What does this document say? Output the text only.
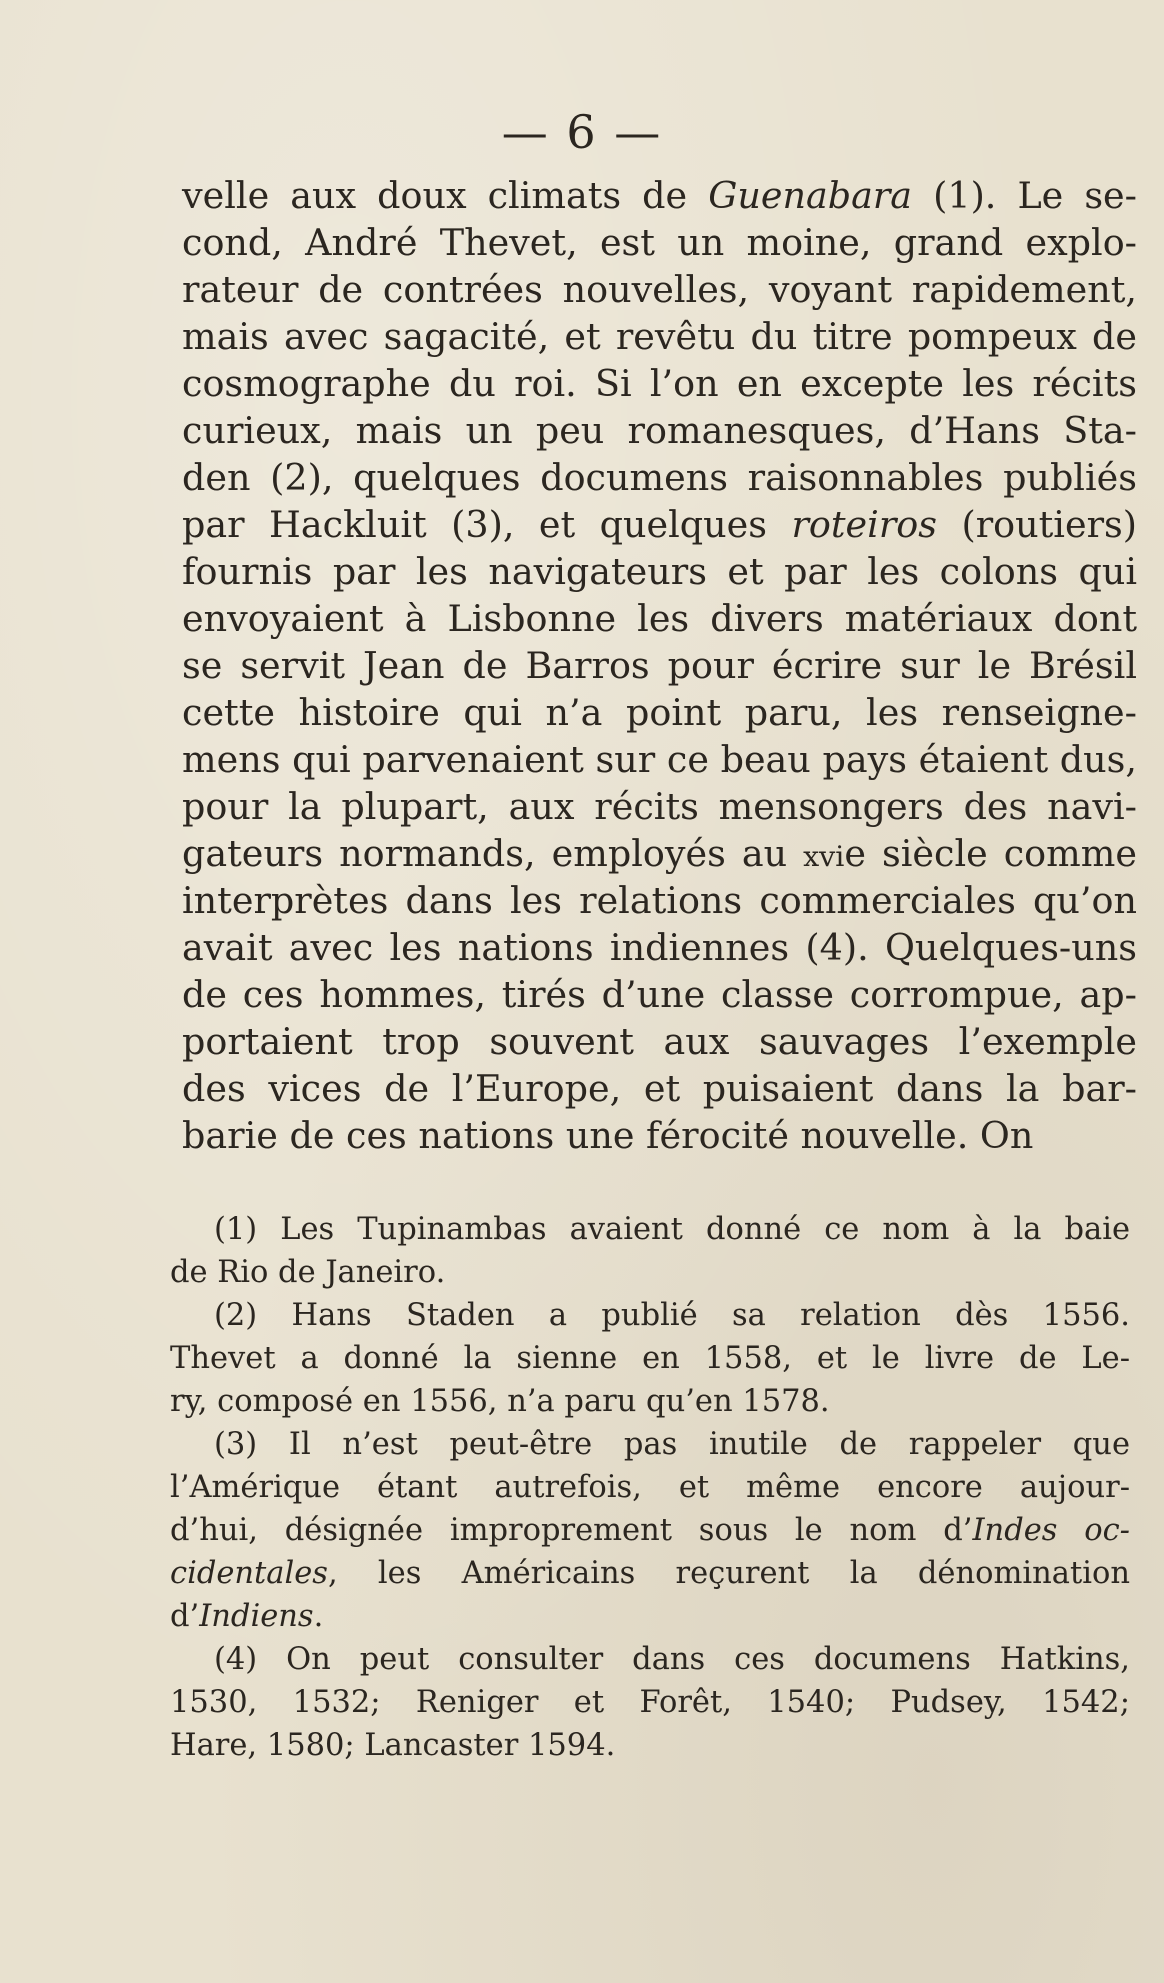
— 6 —
velle aux doux climats de Guenabara (1). Le se-
cond, André Thevet, est un moine, grand explo-
rateur de contrées nouvelles, voyant rapidement,
mais avec sagacité, et revêtu du titre pompeux de
cosmographe du roi. Si l’on en excepte les récits
curieux, mais un peu romanesques, d’Hans Sta-
den (2), quelques documens raisonnables publiés
par Hackluit (3), et quelques roteiros (routiers)
fournis par les navigateurs et par les colons qui
envoyaient à Lisbonne les divers matériaux dont
se servit Jean de Barros pour écrire sur le Brésil
cette histoire qui n’a point paru, les renseigne-
mens qui parvenaient sur ce beau pays étaient dus,
pour la plupart, aux récits mensongers des navi-
gateurs normands, employés au xvie siècle comme
interprètes dans les relations commerciales qu’on
avait avec les nations indiennes (4). Quelques-uns
de ces hommes, tirés d’une classe corrompue, ap-
portaient trop souvent aux sauvages l’exemple
des vices de l’Europe, et puisaient dans la bar-
barie de ces nations une férocité nouvelle. On
(1) Les Tupinambas avaient donné ce nom à la baie
de Rio de Janeiro.
(2) Hans Staden a publié sa relation dès 1556.
Thevet a donné la sienne en 1558, et le livre de Le-
ry, composé en 1556, n’a paru qu’en 1578.
(3) Il n’est peut-être pas inutile de rappeler que
l’Amérique étant autrefois, et même encore aujour-
d’hui, désignée improprement sous le nom d’Indes oc-
cidentales, les Américains reçurent la dénomination
d’Indiens.
(4) On peut consulter dans ces documens Hatkins,
1530, 1532; Reniger et Forêt, 1540; Pudsey, 1542;
Hare, 1580; Lancaster 1594.
